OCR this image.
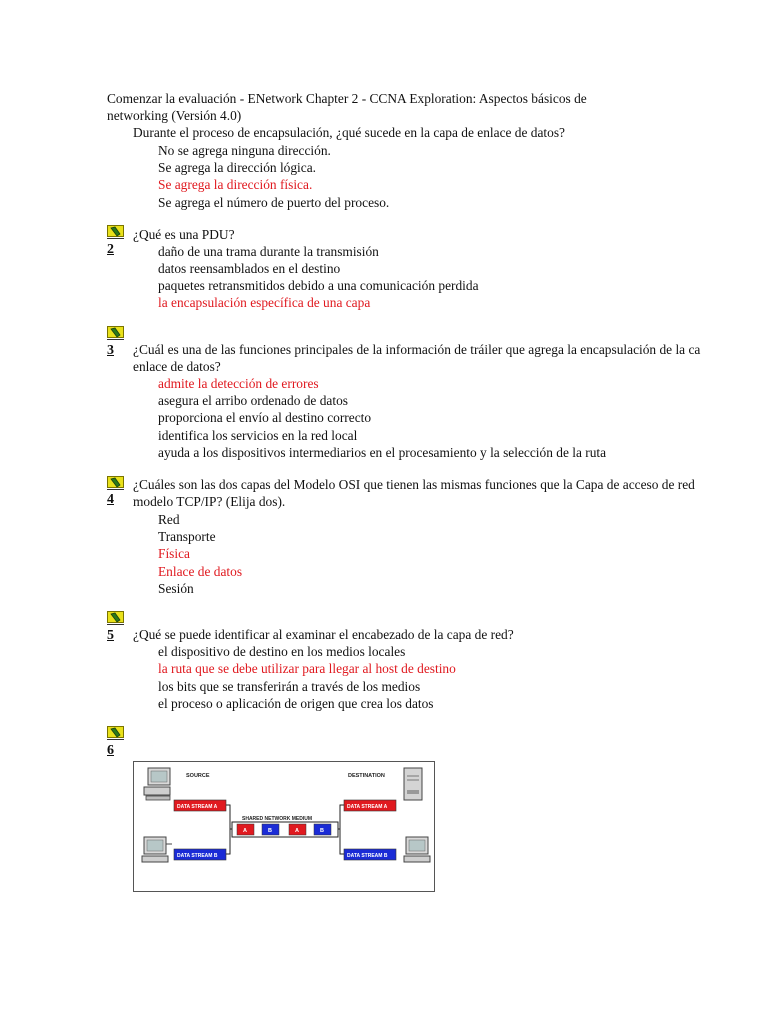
Comenzar la evaluación - ENetwork Chapter 2 - CCNA Exploration: Aspectos básicos de
networking (Versión 4.0)
Durante el proceso de encapsulación, ¿qué sucede en la capa de enlace de datos?
No se agrega ninguna dirección.
Se agrega la dirección lógica.
Se agrega la dirección física.
Se agrega el número de puerto del proceso.
2
¿Qué es una PDU?
daño de una trama durante la transmisión
datos reensamblados en el destino
paquetes retransmitidos debido a una comunicación perdida
la encapsulación específica de una capa
3 ¿Cuál es una de las funciones principales de la información de tráiler que agrega la encapsulación de la ca
enlace de datos?
admite la detección de errores
asegura el arribo ordenado de datos
proporciona el envío al destino correcto
identifica los servicios en la red local
ayuda a los dispositivos intermediarios en el procesamiento y la selección de la ruta
4
¿Cuáles son las dos capas del Modelo OSI que tienen las mismas funciones que la Capa de acceso de red
modelo TCP/IP? (Elija dos).
Red
Transporte
Física
Enlace de datos
Sesión
5 ¿Qué se puede identificar al examinar el encabezado de la capa de red?
el dispositivo de destino en los medios locales
la ruta que se debe utilizar para llegar al host de destino
los bits que se transferirán a través de los medios
el proceso o aplicación de origen que crea los datos
6
SOURCE	DESTINATION
DATA STREAM A
DATA STREAM B
DATA STREAM A
DATA STREAM B
SHARED NETWORK MEDIUM
A	B	A	B
